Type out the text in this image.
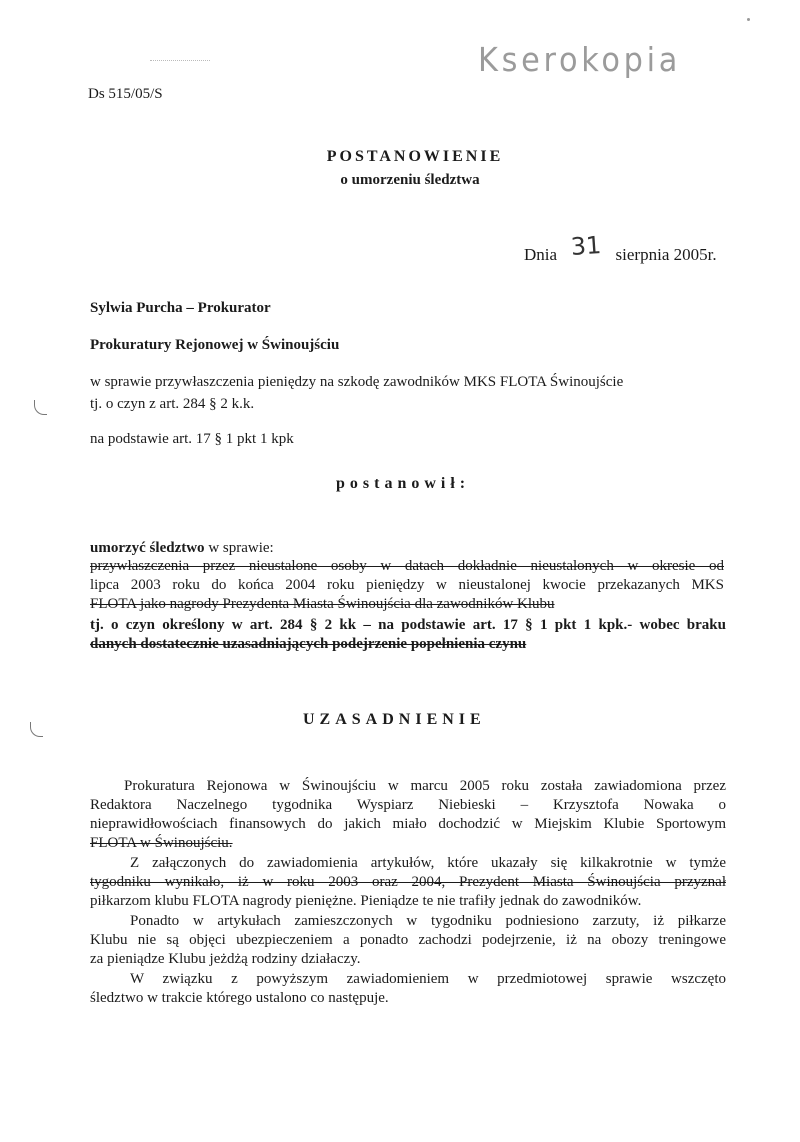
Kserokopia
Ds 515/05/S
POSTANOWIENIE
o umorzeniu śledztwa
Dnia 31 sierpnia 2005r.
Sylwia Purcha – Prokurator
Prokuratury Rejonowej w Świnoujściu
w sprawie przywłaszczenia pieniędzy na szkodę zawodników MKS FLOTA Świnoujście
tj. o czyn z art. 284 § 2 k.k.
na podstawie art. 17 § 1 pkt 1 kpk
postanowił:
umorzyć śledztwo w sprawie:
przywłaszczenia przez nieustalone osoby w datach dokładnie nieustalonych w okresie od
lipca 2003 roku do końca 2004 roku pieniędzy w nieustalonej kwocie przekazanych MKS
FLOTA jako nagrody Prezydenta Miasta Świnoujścia dla zawodników Klubu
tj. o czyn określony w art. 284 § 2 kk – na podstawie art. 17 § 1 pkt 1 kpk.- wobec braku
danych dostatecznie uzasadniających podejrzenie popełnienia czynu
UZASADNIENIE
Prokuratura Rejonowa w Świnoujściu w marcu 2005 roku została zawiadomiona przez
Redaktora Naczelnego tygodnika Wyspiarz Niebieski – Krzysztofa Nowaka o
nieprawidłowościach finansowych do jakich miało dochodzić w Miejskim Klubie Sportowym
FLOTA w Świnoujściu.
Z załączonych do zawiadomienia artykułów, które ukazały się kilkakrotnie w tymże
tygodniku wynikało, iż w roku 2003 oraz 2004, Prezydent Miasta Świnoujścia przyznał
piłkarzom klubu FLOTA nagrody pieniężne. Pieniądze te nie trafiły jednak do zawodników.
Ponadto w artykułach zamieszczonych w tygodniku podniesiono zarzuty, iż piłkarze
Klubu nie są objęci ubezpieczeniem a ponadto zachodzi podejrzenie, iż na obozy treningowe
za pieniądze Klubu jeżdżą rodziny działaczy.
W związku z powyższym zawiadomieniem w przedmiotowej sprawie wszczęto
śledztwo w trakcie którego ustalono co następuje.
